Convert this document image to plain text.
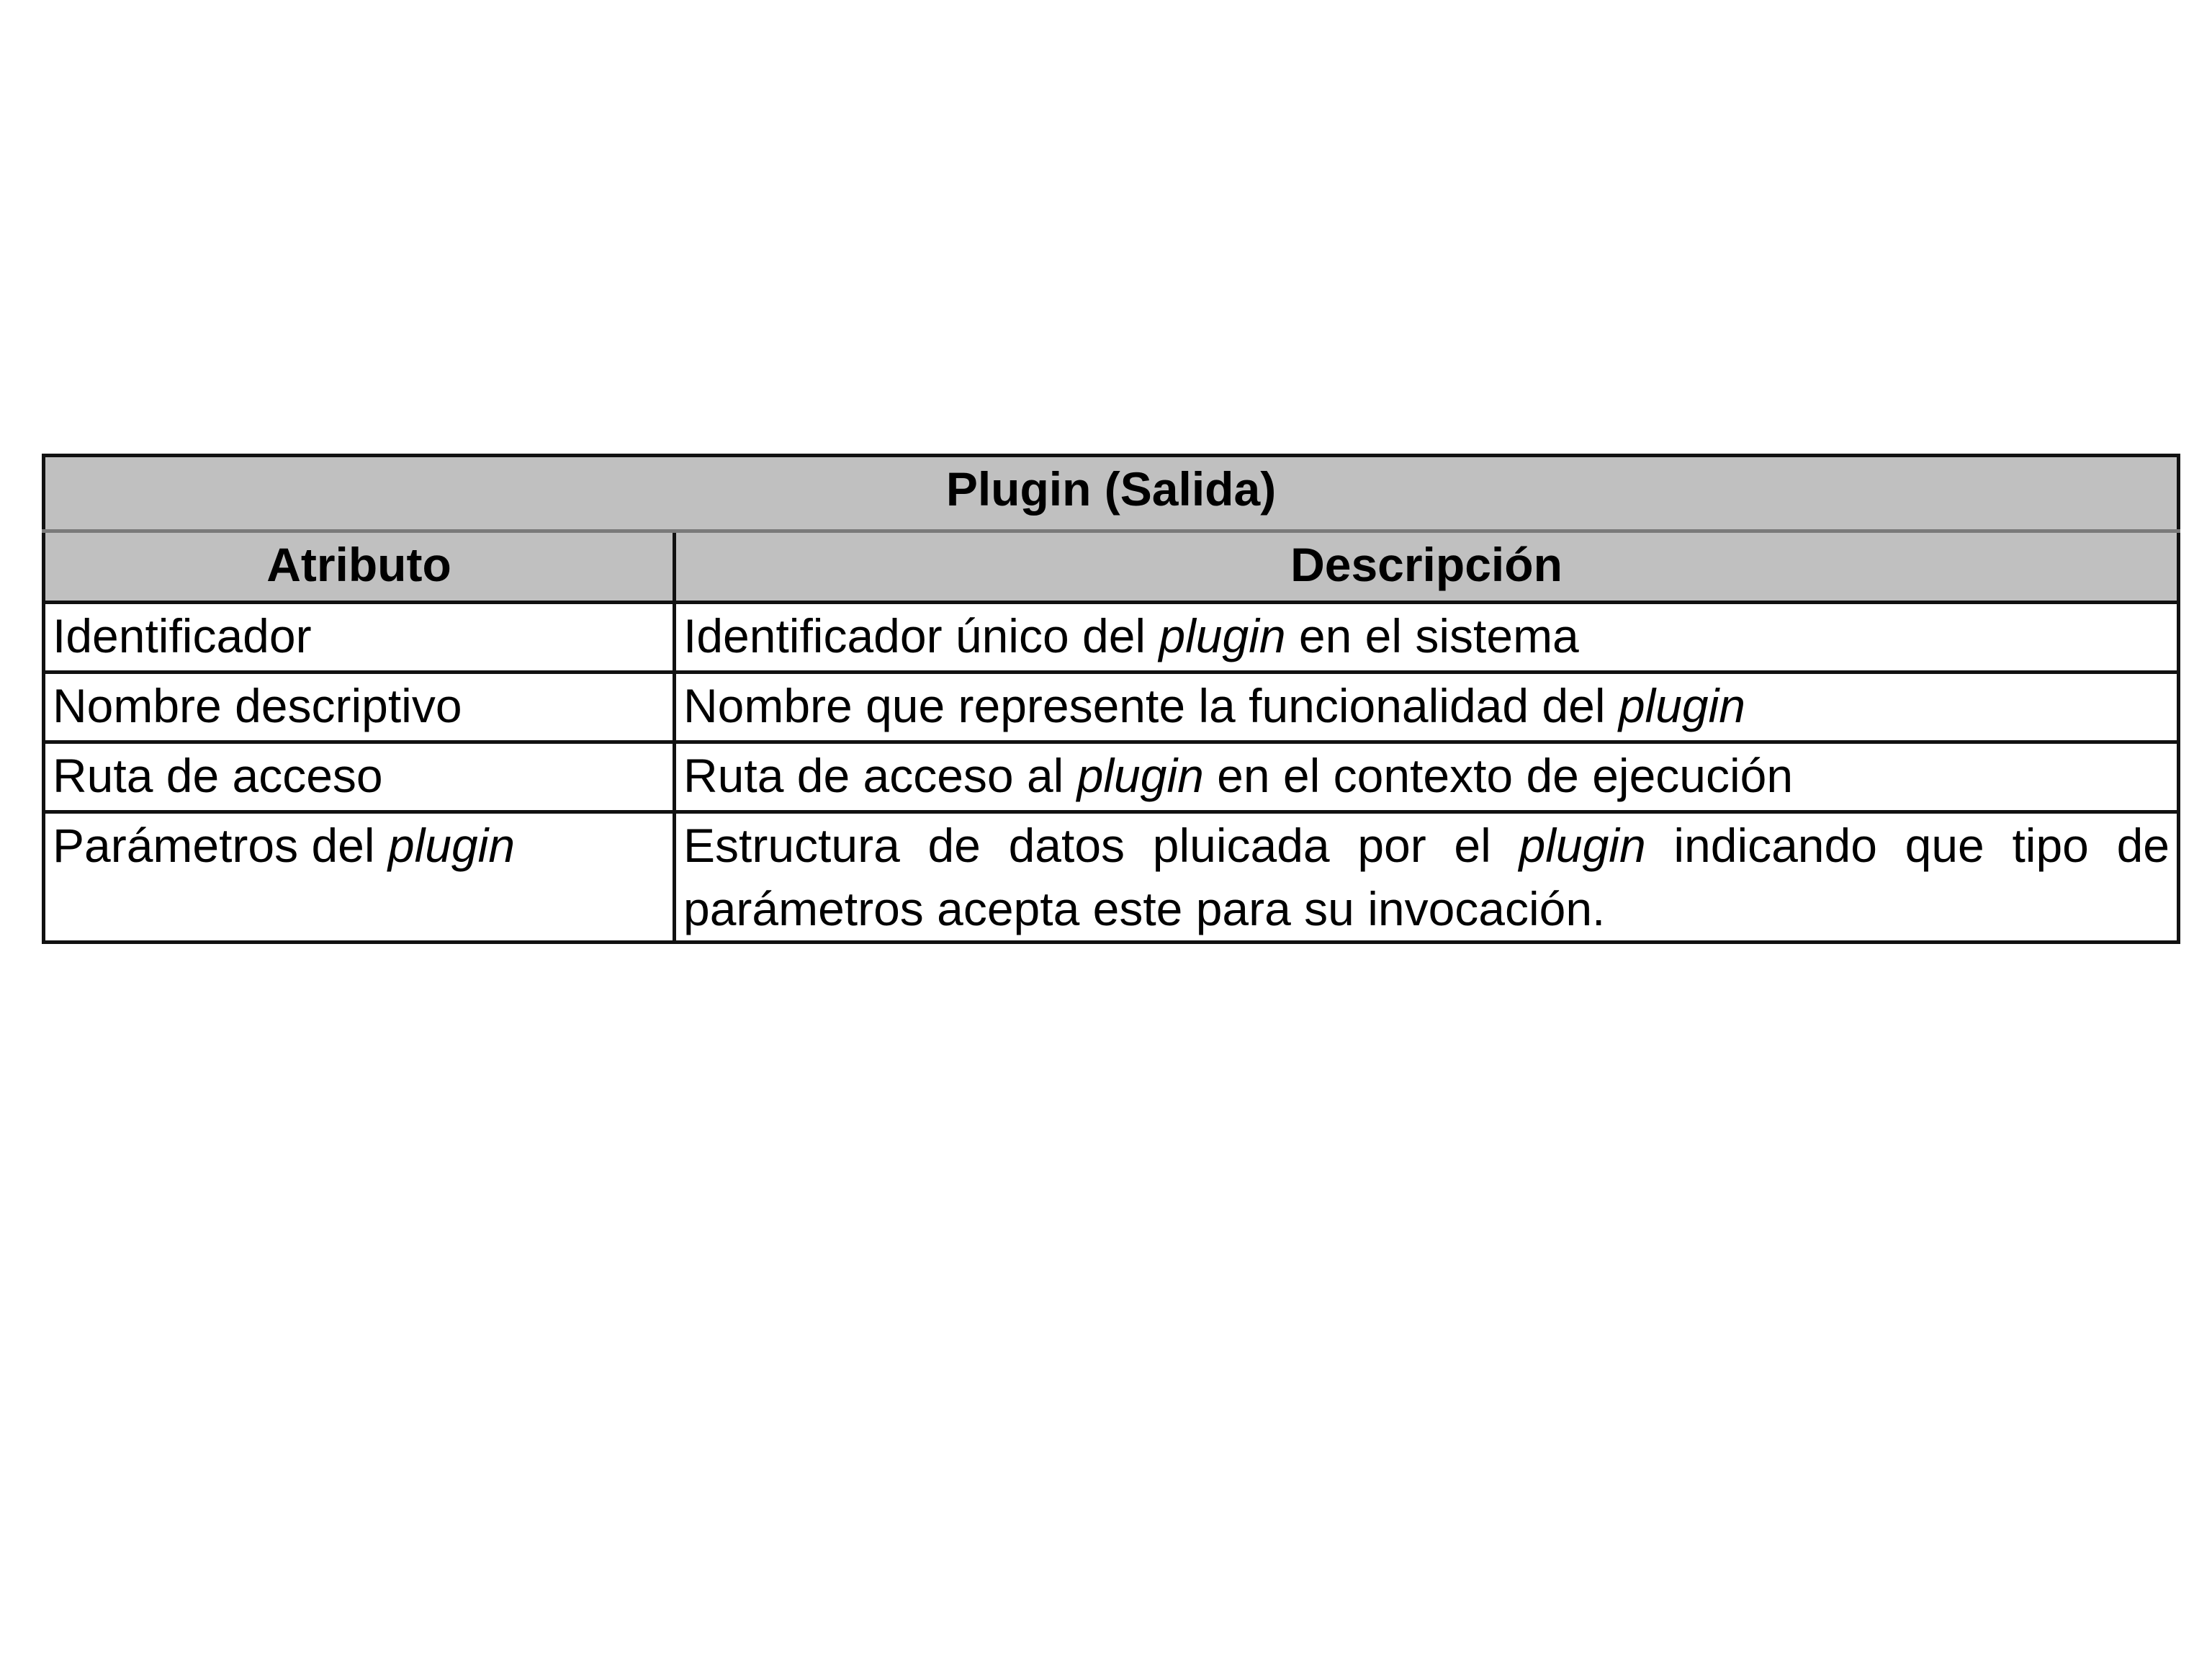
Plugin (Salida)	
Atributo	Descripción
Identificador	Identificador único del plugin en el sistema
Nombre descriptivo	Nombre que represente la funcionalidad del plugin
Ruta de acceso	Ruta de acceso al plugin en el contexto de ejecución
Parámetros del plugin	Estructura de datos pluicada por el plugin indicando que tipo de parámetros acepta este para su invocación.
